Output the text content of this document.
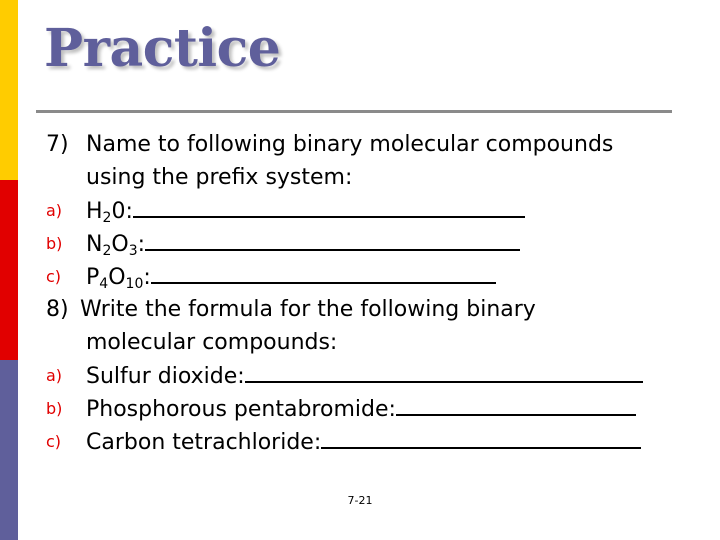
Practice
7) Name to following binary molecular compounds
using the prefix system:
a) $H_20$:
b) $N_2O_3$:
c) $P_4O_{10}$:
8) Write the formula for the following binary
molecular compounds:
a) Sulfur dioxide:
b) Phosphorous pentabromide:
c) Carbon tetrachloride:
7-21
